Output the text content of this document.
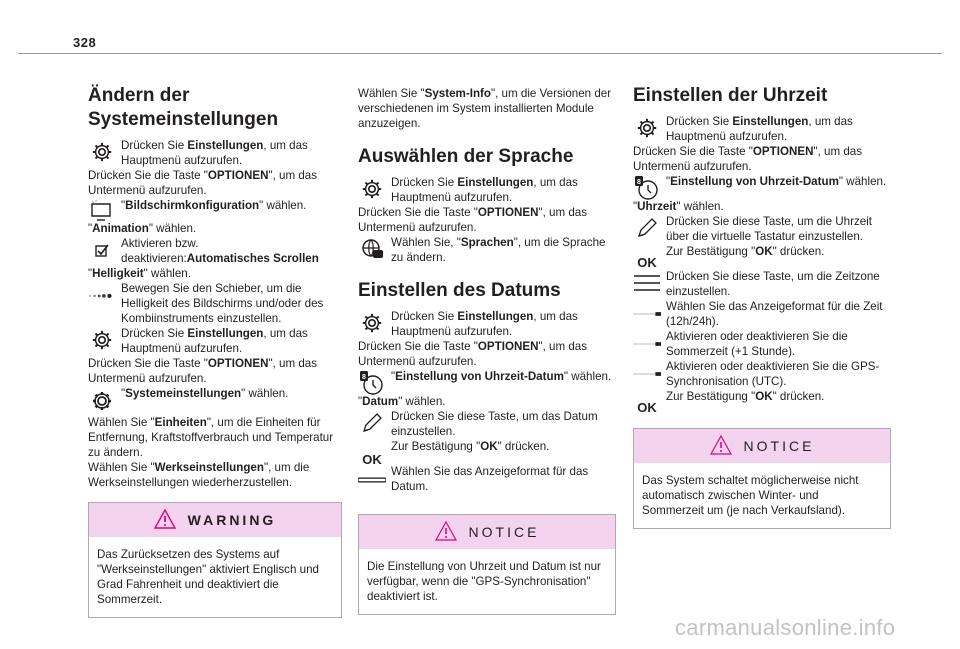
328
Ändern der Systemeinstellungen

Drücken Sie Einstellungen, um das Hauptmenü aufzurufen.

Drücken Sie die Taste "OPTIONEN", um das Untermenü aufzurufen.

"Bildschirmkonfiguration" wählen.

"Animation" wählen.

Aktivieren bzw. deaktivieren:Automatisches Scrollen

"Helligkeit" wählen.

Bewegen Sie den Schieber, um die Helligkeit des Bildschirms und/oder des Kombiinstruments einzustellen.

Drücken Sie Einstellungen, um das Hauptmenü aufzurufen.

Drücken Sie die Taste "OPTIONEN", um das Untermenü aufzurufen.

"Systemeinstellungen" wählen.

Wählen Sie "Einheiten", um die Einheiten für Entfernung, Kraftstoffverbrauch und Temperatur zu ändern.

Wählen Sie "Werkseinstellungen", um die Werkseinstellungen wiederherzustellen.

WARNING
Das Zurücksetzen des Systems auf "Werkseinstellungen" aktiviert Englisch und Grad Fahrenheit und deaktiviert die Sommerzeit.

Wählen Sie "System-Info", um die Versionen der verschiedenen im System installierten Module anzuzeigen.

Auswählen der Sprache

Drücken Sie Einstellungen, um das Hauptmenü aufzurufen.

Drücken Sie die Taste "OPTIONEN", um das Untermenü aufzurufen.

Wählen Sie, "Sprachen", um die Sprache zu ändern.

Einstellen des Datums

Drücken Sie Einstellungen, um das Hauptmenü aufzurufen.

Drücken Sie die Taste "OPTIONEN", um das Untermenü aufzurufen.

8 "Einstellung von Uhrzeit-Datum" wählen.

"Datum" wählen.

Drücken Sie diese Taste, um das Datum einzustellen.

OK

Zur Bestätigung "OK" drücken.

Wählen Sie das Anzeigeformat für das Datum.

NOTICE
Die Einstellung von Uhrzeit und Datum ist nur verfügbar, wenn die "GPS-Synchronisation" deaktiviert ist.
Einstellen der Uhrzeit

Drücken Sie Einstellungen, um das Hauptmenü aufzurufen.

Drücken Sie die Taste "OPTIONEN", um das Untermenü aufzurufen.

8 "Einstellung von Uhrzeit-Datum" wählen.

"Uhrzeit" wählen.

Drücken Sie diese Taste, um die Uhrzeit über die virtuelle Tastatur einzustellen.

OK

Zur Bestätigung "OK" drücken.

Drücken Sie diese Taste, um die Zeitzone einzustellen.

Wählen Sie das Anzeigeformat für die Zeit (12h/24h).

Aktivieren oder deaktivieren Sie die Sommerzeit (+1 Stunde).

Aktivieren oder deaktivieren Sie die GPS-Synchronisation (UTC).

OK

Zur Bestätigung "OK" drücken.

NOTICE
Das System schaltet möglicherweise nicht automatisch zwischen Winter- und Sommerzeit um (je nach Verkaufsland).
carmanualsonline.info
